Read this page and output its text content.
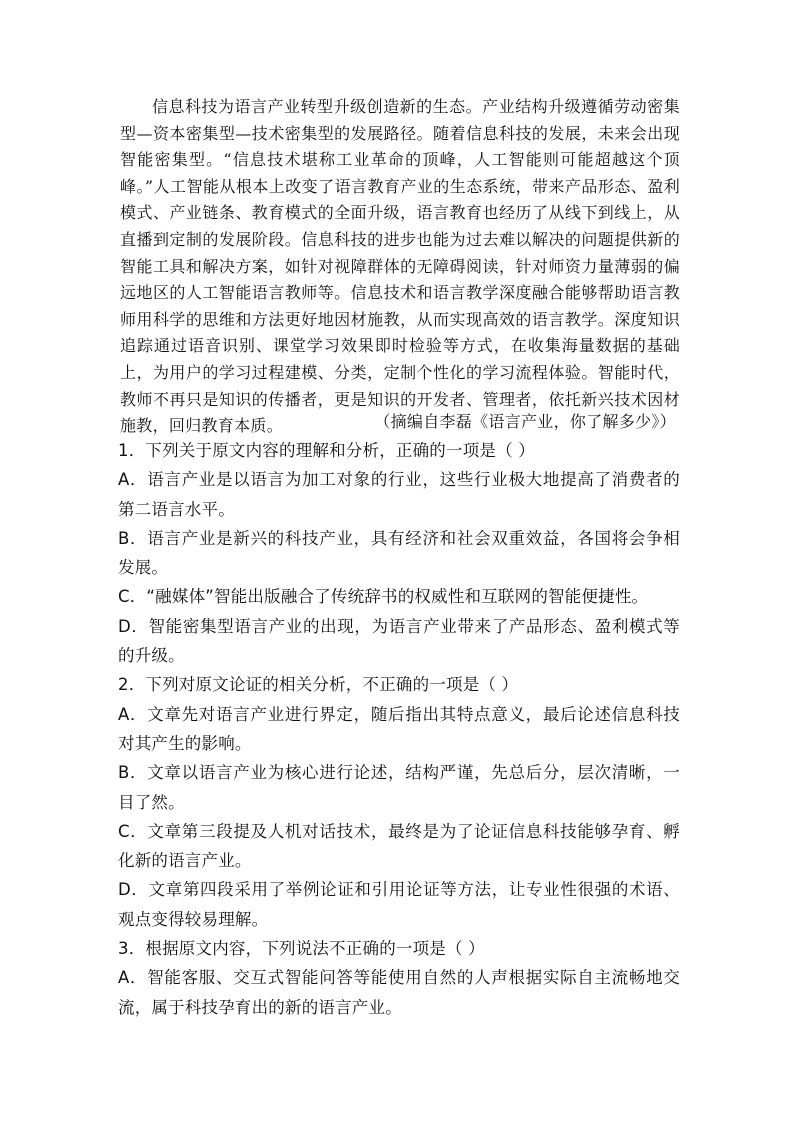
信息科技为语言产业转型升级创造新的生态。产业结构升级遵循劳动密集型—资本密集型—技术密集型的发展路径。随着信息科技的发展，未来会出现智能密集型。“信息技术堪称工业革命的顶峰，人工智能则可能超越这个顶峰。”人工智能从根本上改变了语言教育产业的生态系统，带来产品形态、盈利模式、产业链条、教育模式的全面升级，语言教育也经历了从线下到线上，从直播到定制的发展阶段。信息科技的进步也能为过去难以解决的问题提供新的智能工具和解决方案，如针对视障群体的无障碍阅读，针对师资力量薄弱的偏远地区的人工智能语言教师等。信息技术和语言教学深度融合能够帮助语言教师用科学的思维和方法更好地因材施教，从而实现高效的语言教学。深度知识追踪通过语音识别、课堂学习效果即时检验等方式，在收集海量数据的基础上，为用户的学习过程建模、分类，定制个性化的学习流程体验。智能时代，教师不再只是知识的传播者，更是知识的开发者、管理者，依托新兴技术因材施教，回归教育本质。	（摘编自李磊《语言产业，你了解多少》）

1．下列关于原文内容的理解和分析，正确的一项是（ ）

A．语言产业是以语言为加工对象的行业，这些行业极大地提高了消费者的第二语言水平。

B．语言产业是新兴的科技产业，具有经济和社会双重效益，各国将会争相发展。

C．“融媒体”智能出版融合了传统辞书的权威性和互联网的智能便捷性。

D．智能密集型语言产业的出现，为语言产业带来了产品形态、盈利模式等的升级。

2．下列对原文论证的相关分析，不正确的一项是（ ）

A．文章先对语言产业进行界定，随后指出其特点意义，最后论述信息科技对其产生的影响。

B．文章以语言产业为核心进行论述，结构严谨，先总后分，层次清晰，一目了然。

C．文章第三段提及人机对话技术，最终是为了论证信息科技能够孕育、孵化新的语言产业。

D．文章第四段采用了举例论证和引用论证等方法，让专业性很强的术语、观点变得较易理解。

3．根据原文内容，下列说法不正确的一项是（ ）

A．智能客服、交互式智能问答等能使用自然的人声根据实际自主流畅地交流，属于科技孕育出的新的语言产业。
